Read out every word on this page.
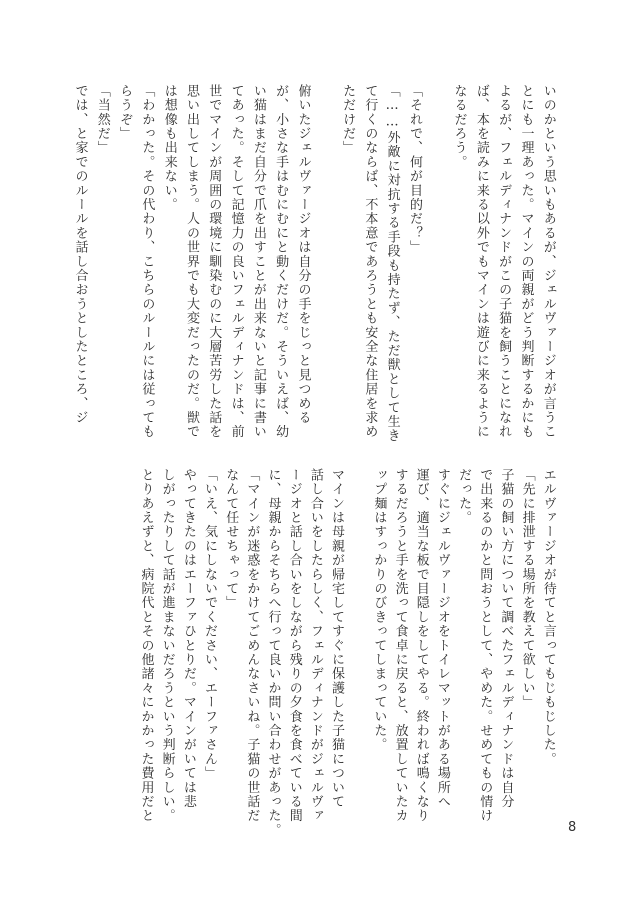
いのかという思いもあるが、ジェルヴァージオが言うこ
とにも一理あった。マインの両親がどう判断するかにも
よるが、フェルディナンドがこの子猫を飼うことになれ
ば、本を読みに来る以外でもマインは遊びに来るように
なるだろう。
「それで、何が目的だ？」
「……外敵に対抗する手段も持たず、ただ獣として生き
て行くのならば、不本意であろうとも安全な住居を求め
ただけだ」
俯いたジェルヴァージオは自分の手をじっと見つめる
が、小さな手はむにむにと動くだけだ。そういえば、幼
い猫はまだ自分で爪を出すことが出来ないと記事に書い
てあった。そして記憶力の良いフェルディナンドは、前
世でマインが周囲の環境に馴染むのに大層苦労した話を
思い出してしまう。人の世界でも大変だったのだ。獣で
は想像も出来ない。
「わかった。その代わり、こちらのルールには従っても
らうぞ」
「当然だ」
では、と家でのルールを話し合おうとしたところ、ジ
エルヴァージオが待てと言ってもじもじした。
「先に排泄する場所を教えて欲しい」
子猫の飼い方について調べたフェルディナンドは自分
で出来るのかと問おうとして、やめた。せめてもの情け
だった。
すぐにジェルヴァージオをトイレマットがある場所へ
運び、適当な板で目隠しをしてやる。終われば鳴くなり
するだろうと手を洗って食卓に戻ると、放置していたカ
ップ麺はすっかりのびきってしまっていた。
マインは母親が帰宅してすぐに保護した子猫について
話し合いをしたらしく、フェルディナンドがジェルヴァ
ージオと話し合いをしながら残りの夕食を食べている間
に、母親からそちらへ行って良いか問い合わせがあった。
「マインが迷惑をかけてごめんなさいね。子猫の世話だ
なんて任せちゃって」
「いえ、気にしないでください、エーファさん」
やってきたのはエーファひとりだ。マインがいては悲
しがったりして話が進まないだろうという判断らしい。
とりあえずと、病院代とその他諸々にかかった費用だと
8
